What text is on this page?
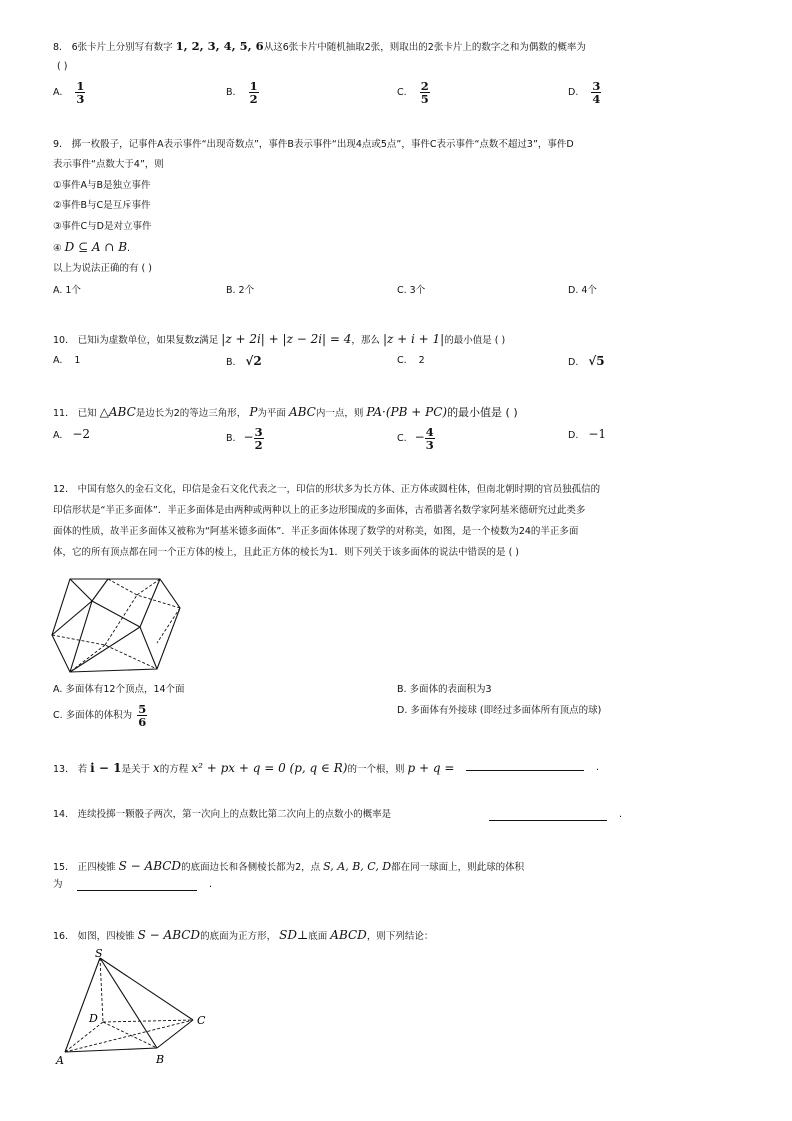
8． 6张卡片上分别写有数字 1, 2, 3, 4, 5, 6从这6张卡片中随机抽取2张，则取出的2张卡片上的数字之和为偶数的概率为
( )
A. $\frac{1}{3}$	B. $\frac{1}{2}$	C. $\frac{2}{5}$	D. $\frac{3}{4}$
9． 掷一枚骰子，记事件A表示事件“出现奇数点”，事件B表示事件“出现4点或5点”，事件C表示事件“点数不超过3”，事件D
表示事件“点数大于4”，则
①事件A与B是独立事件
②事件B与C是互斥事件
③事件C与D是对立事件
④ D ⊆ A ∩ B.
以上为说法正确的有 ( )
A. 1个	B. 2个	C. 3个	D. 4个
10． 已知i为虚数单位，如果复数z满足 |z + 2i| + |z − 2i| = 4，那么 |z + i + 1|的最小值是 ( )
A. 1	B. √2	C. 2	D. √5
11． 已知 △ABC是边长为2的等边三角形， P为平面 ABC内一点，则 PA·(PB + PC)的最小值是 ( )
A. −2	B. − $\frac{3}{2}$	C. − $\frac{4}{3}$	D. −1
12． 中国有悠久的金石文化，印信是金石文化代表之一，印信的形状多为长方体、正方体或圆柱体，但南北朝时期的官员独孤信的
印信形状是“半正多面体”．半正多面体是由两种或两种以上的正多边形围成的多面体，古希腊著名数学家阿基米德研究过此类多
面体的性质，故半正多面体又被称为“阿基米德多面体”．半正多面体体现了数学的对称美，如图，是一个棱数为24的半正多面
体，它的所有顶点都在同一个正方体的棱上，且此正方体的棱长为1．则下列关于该多面体的说法中错误的是 ( )
A. 多面体有12个顶点，14个面	B. 多面体的表面积为3
C. 多面体的体积为 $\frac{5}{6}$	D. 多面体有外接球 (即经过多面体所有顶点的球)
13． 若 i − 1是关于 x的方程 x² + px + q = 0 (p, q ∈ R)的一个根，则 p + q =	.
14． 连续投掷一颗骰子两次，第一次向上的点数比第二次向上的点数小的概率是	.
15． 正四棱锥 S − ABCD的底面边长和各侧棱长都为2，点 S, A, B, C, D都在同一球面上，则此球的体积
为	.
16． 如图，四棱锥 S − ABCD的底面为正方形， SD⊥底面 ABCD，则下列结论：
S
D	C
A	B
